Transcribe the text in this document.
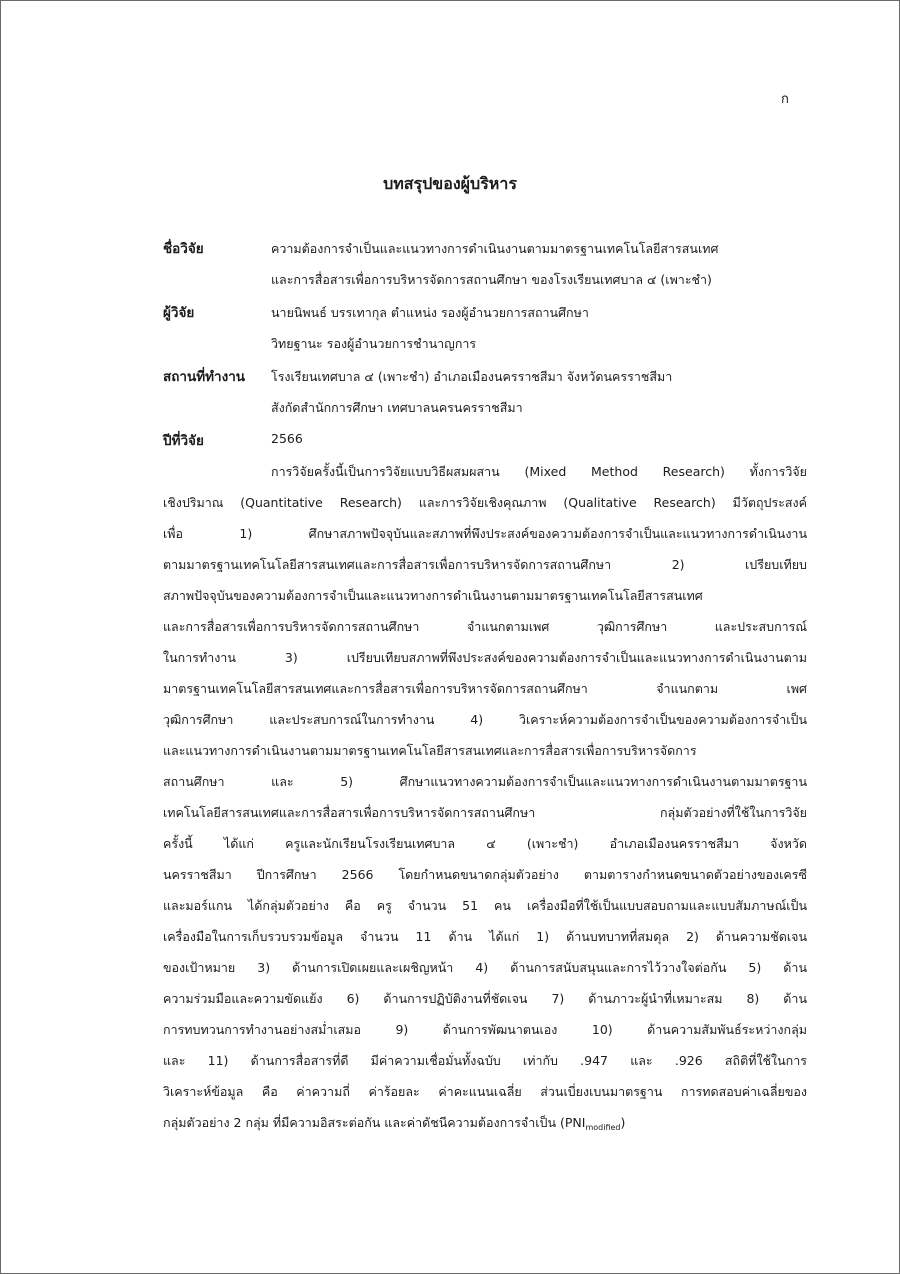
ก
บทสรุปของผู้บริหาร
ชื่อวิจัย	ความต้องการจำเป็นและแนวทางการดำเนินงานตามมาตรฐานเทคโนโลยีสารสนเทศ
และการสื่อสารเพื่อการบริหารจัดการสถานศึกษา ของโรงเรียนเทศบาล ๔ (เพาะชำ)
ผู้วิจัย	นายนิพนธ์ บรรเทากุล ตำแหน่ง รองผู้อำนวยการสถานศึกษา
วิทยฐานะ รองผู้อำนวยการชำนาญการ
สถานที่ทำงาน โรงเรียนเทศบาล ๔ (เพาะชำ) อำเภอเมืองนครราชสีมา จังหวัดนครราชสีมา
สังกัดสำนักการศึกษา เทศบาลนครนครราชสีมา
ปีที่วิจัย	2566
การวิจัยครั้งนี้เป็นการวิจัยแบบวิธีผสมผสาน (Mixed Method Research) ทั้งการวิจัย
เชิงปริมาณ (Quantitative Research) และการวิจัยเชิงคุณภาพ (Qualitative Research) มีวัตถุประสงค์
เพื่อ 1) ศึกษาสภาพปัจจุบันและสภาพที่พึงประสงค์ของความต้องการจำเป็นและแนวทางการดำเนินงาน
ตามมาตรฐานเทคโนโลยีสารสนเทศและการสื่อสารเพื่อการบริหารจัดการสถานศึกษา 2) เปรียบเทียบ
สภาพปัจจุบันของความต้องการจำเป็นและแนวทางการดำเนินงานตามมาตรฐานเทคโนโลยีสารสนเทศ
และการสื่อสารเพื่อการบริหารจัดการสถานศึกษา จำแนกตามเพศ วุฒิการศึกษา และประสบการณ์
ในการทำงาน 3) เปรียบเทียบสภาพที่พึงประสงค์ของความต้องการจำเป็นและแนวทางการดำเนินงานตาม
มาตรฐานเทคโนโลยีสารสนเทศและการสื่อสารเพื่อการบริหารจัดการสถานศึกษา จำแนกตาม เพศ
วุฒิการศึกษา และประสบการณ์ในการทำงาน 4) วิเคราะห์ความต้องการจำเป็นของความต้องการจำเป็น
และแนวทางการดำเนินงานตามมาตรฐานเทคโนโลยีสารสนเทศและการสื่อสารเพื่อการบริหารจัดการ
สถานศึกษา และ 5) ศึกษาแนวทางความต้องการจำเป็นและแนวทางการดำเนินงานตามมาตรฐาน
เทคโนโลยีสารสนเทศและการสื่อสารเพื่อการบริหารจัดการสถานศึกษา กลุ่มตัวอย่างที่ใช้ในการวิจัย
ครั้งนี้ ได้แก่ ครูและนักเรียนโรงเรียนเทศบาล ๔ (เพาะชำ) อำเภอเมืองนครราชสีมา จังหวัด
นครราชสีมา ปีการศึกษา 2566 โดยกำหนดขนาดกลุ่มตัวอย่าง ตามตารางกำหนดขนาดตัวอย่างของเครซี
และมอร์แกน ได้กลุ่มตัวอย่าง คือ ครู จำนวน 51 คน เครื่องมือที่ใช้เป็นแบบสอบถามและแบบสัมภาษณ์เป็น
เครื่องมือในการเก็บรวบรวมข้อมูล จำนวน 11 ด้าน ได้แก่ 1) ด้านบทบาทที่สมดุล 2) ด้านความชัดเจน
ของเป้าหมาย 3) ด้านการเปิดเผยและเผชิญหน้า 4) ด้านการสนับสนุนและการไว้วางใจต่อกัน 5) ด้าน
ความร่วมมือและความขัดแย้ง 6) ด้านการปฏิบัติงานที่ชัดเจน 7) ด้านภาวะผู้นำที่เหมาะสม 8) ด้าน
การทบทวนการทำงานอย่างสม่ำเสมอ 9) ด้านการพัฒนาตนเอง 10) ด้านความสัมพันธ์ระหว่างกลุ่ม
และ 11) ด้านการสื่อสารที่ดี มีค่าความเชื่อมั่นทั้งฉบับ เท่ากับ .947 และ .926 สถิติที่ใช้ในการ
วิเคราะห์ข้อมูล คือ ค่าความถี่ ค่าร้อยละ ค่าคะแนนเฉลี่ย ส่วนเบี่ยงเบนมาตรฐาน การทดสอบค่าเฉลี่ยของ
กลุ่มตัวอย่าง 2 กลุ่ม ที่มีความอิสระต่อกัน และค่าดัชนีความต้องการจำเป็น $(PNI_{modified})$
